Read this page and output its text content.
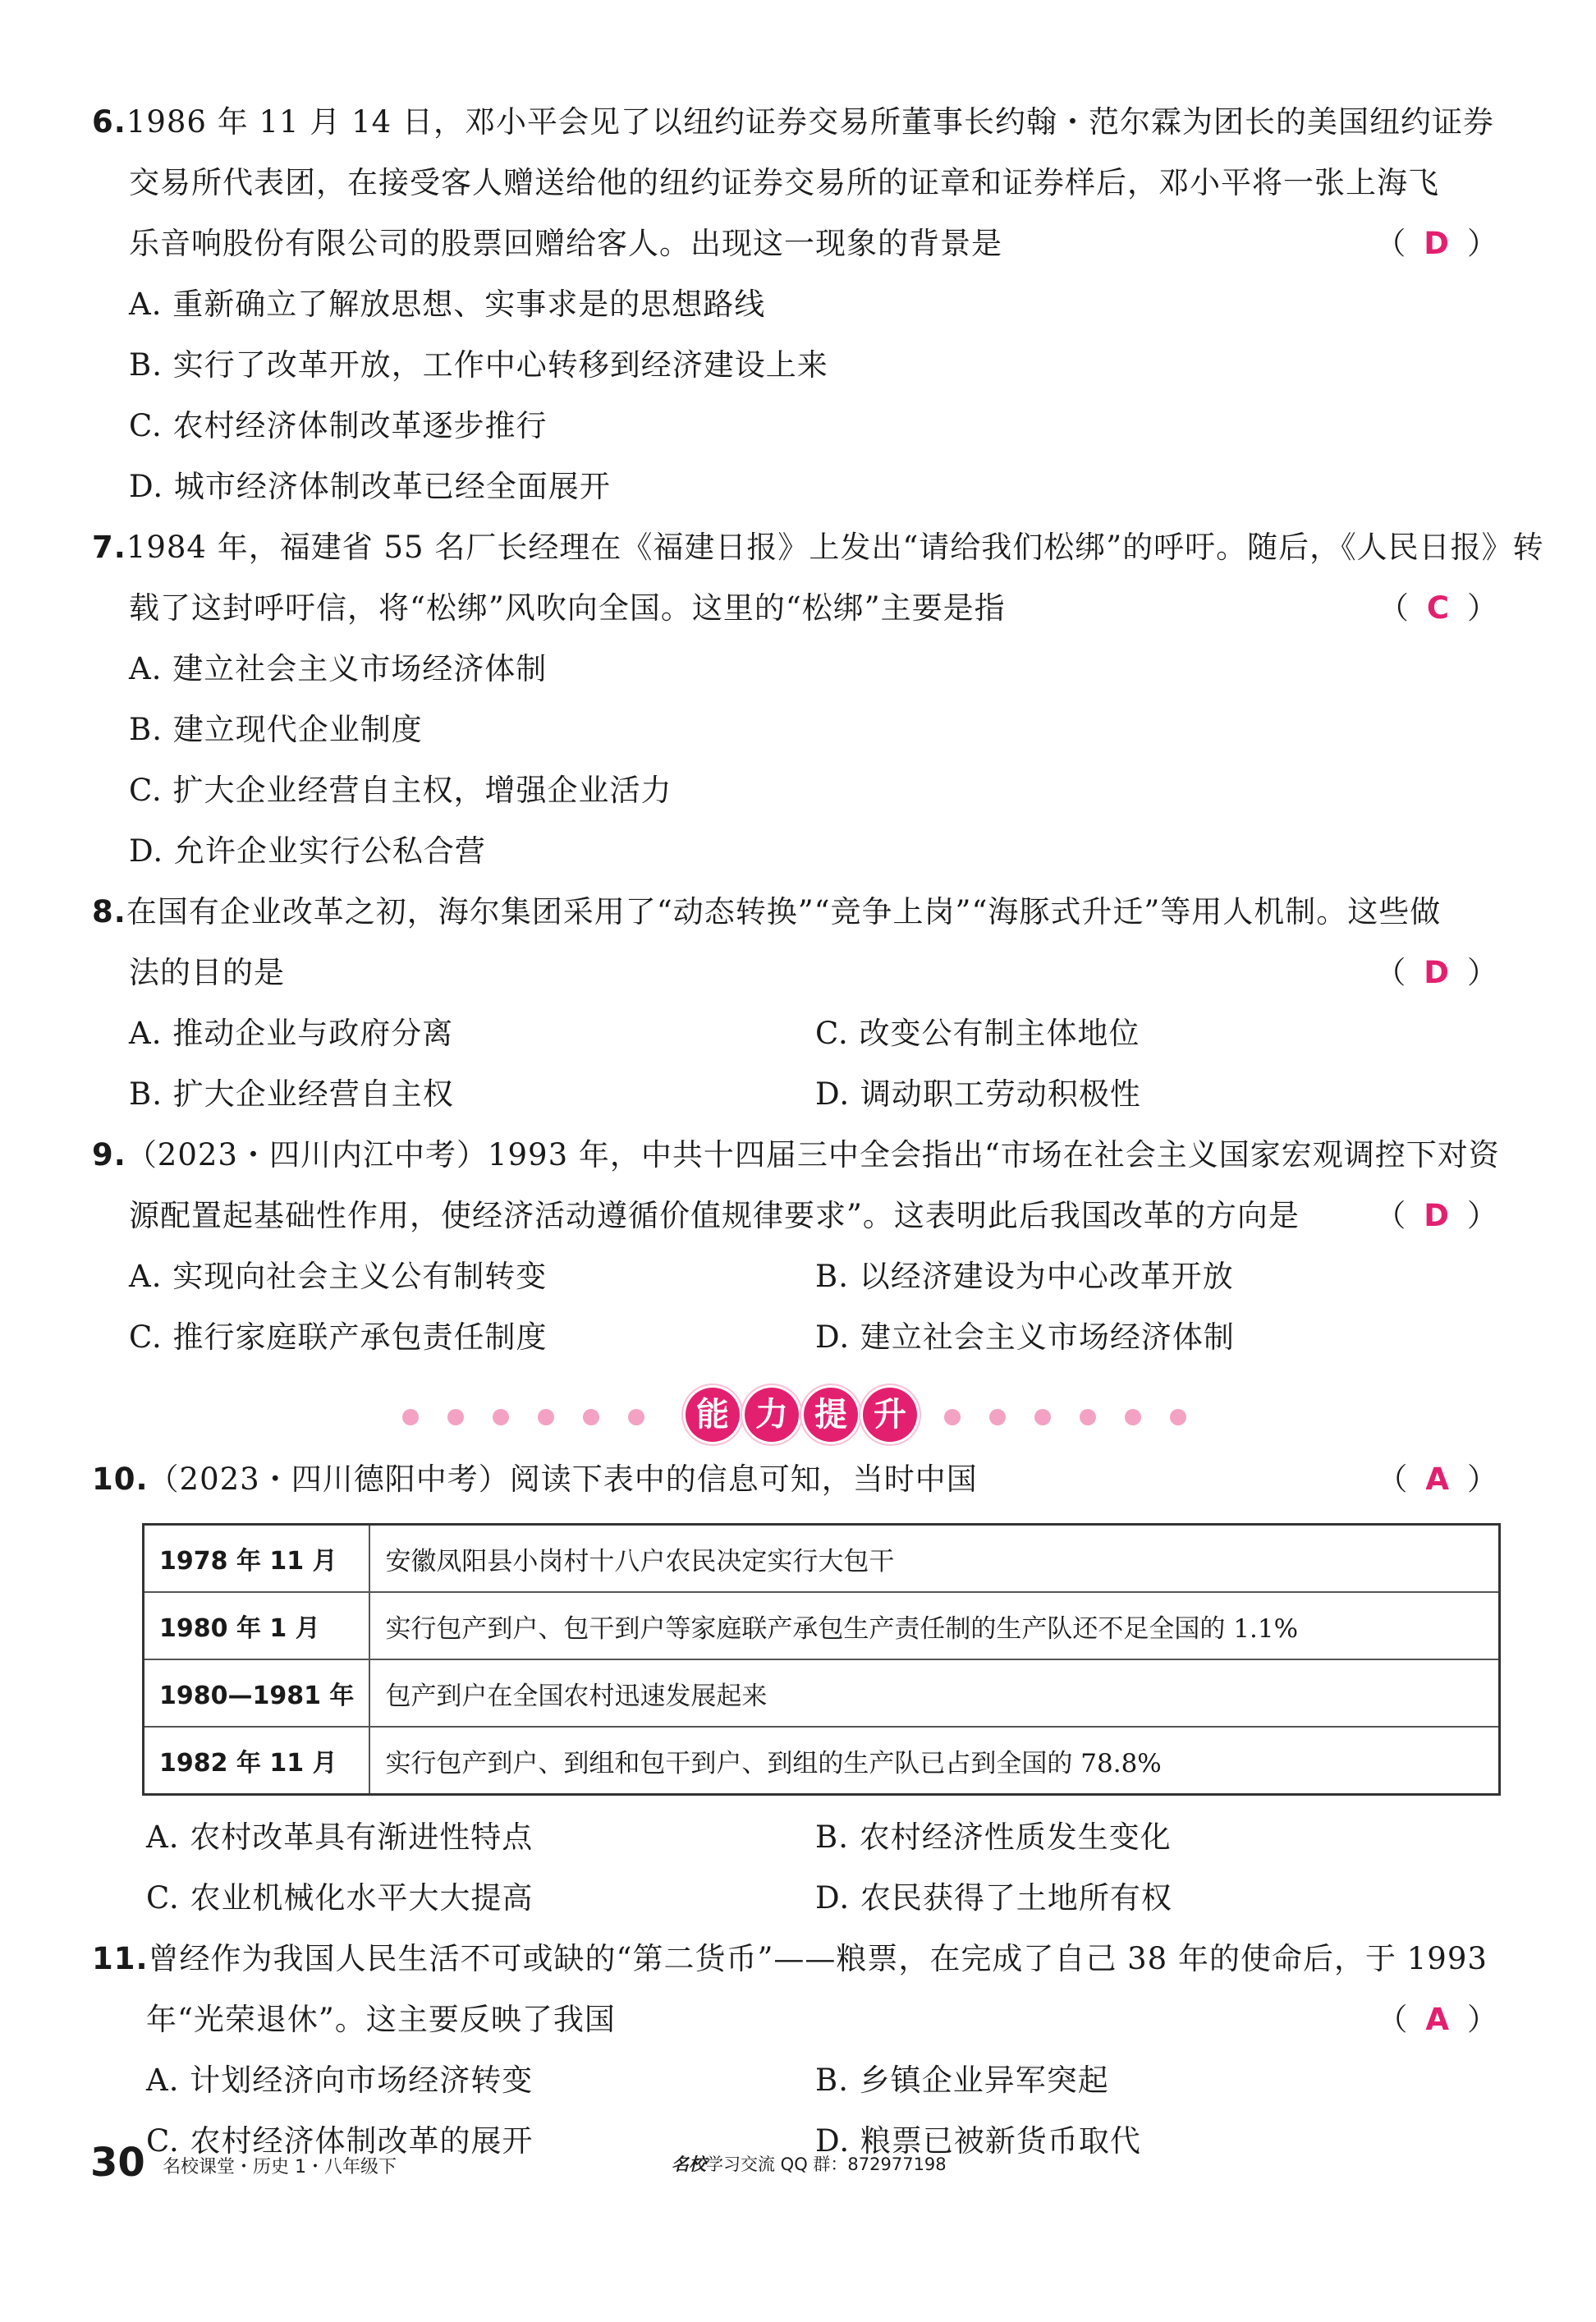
6.1986 年 11 月 14 日，邓小平会见了以纽约证券交易所董事长约翰・范尔霖为团长的美国纽约证券
交易所代表团，在接受客人赠送给他的纽约证券交易所的证章和证券样后，邓小平将一张上海飞
乐音响股份有限公司的股票回赠给客人。出现这一现象的背景是	（ D ）
A. 重新确立了解放思想、实事求是的思想路线
B. 实行了改革开放，工作中心转移到经济建设上来
C. 农村经济体制改革逐步推行
D. 城市经济体制改革已经全面展开
7.1984 年，福建省 55 名厂长经理在《福建日报》上发出“请给我们松绑”的呼吁。随后，《人民日报》转
载了这封呼吁信，将“松绑”风吹向全国。这里的“松绑”主要是指	（ C ）
A. 建立社会主义市场经济体制
B. 建立现代企业制度
C. 扩大企业经营自主权，增强企业活力
D. 允许企业实行公私合营
8.在国有企业改革之初，海尔集团采用了“动态转换”“竞争上岗”“海豚式升迁”等用人机制。这些做
法的目的是	（ D ）
A. 推动企业与政府分离	C. 改变公有制主体地位
B. 扩大企业经营自主权	D. 调动职工劳动积极性
9.（2023・四川内江中考）1993 年，中共十四届三中全会指出“市场在社会主义国家宏观调控下对资
源配置起基础性作用，使经济活动遵循价值规律要求”。这表明此后我国改革的方向是 （ D ）
A. 实现向社会主义公有制转变	B. 以经济建设为中心改革开放
C. 推行家庭联产承包责任制度	D. 建立社会主义市场经济体制
能 力 提 升
10.（2023・四川德阳中考）阅读下表中的信息可知，当时中国	（ A ）
1978 年 11 月	安徽凤阳县小岗村十八户农民决定实行大包干
1980 年 1 月	实行包产到户、包干到户等家庭联产承包生产责任制的生产队还不足全国的 1.1%
1980—1981 年	包产到户在全国农村迅速发展起来
1982 年 11 月	实行包产到户、到组和包干到户、到组的生产队已占到全国的 78.8%
A. 农村改革具有渐进性特点	B. 农村经济性质发生变化
C. 农业机械化水平大大提高	D. 农民获得了土地所有权
11.曾经作为我国人民生活不可或缺的“第二货币”——粮票，在完成了自己 38 年的使命后，于 1993
年“光荣退休”。这主要反映了我国	（ A ）
A. 计划经济向市场经济转变	B. 乡镇企业异军突起
C. 农村经济体制改革的展开	D. 粮票已被新货币取代
30 名校课堂・历史 1・八年级下	名校学习交流 QQ 群：872977198
